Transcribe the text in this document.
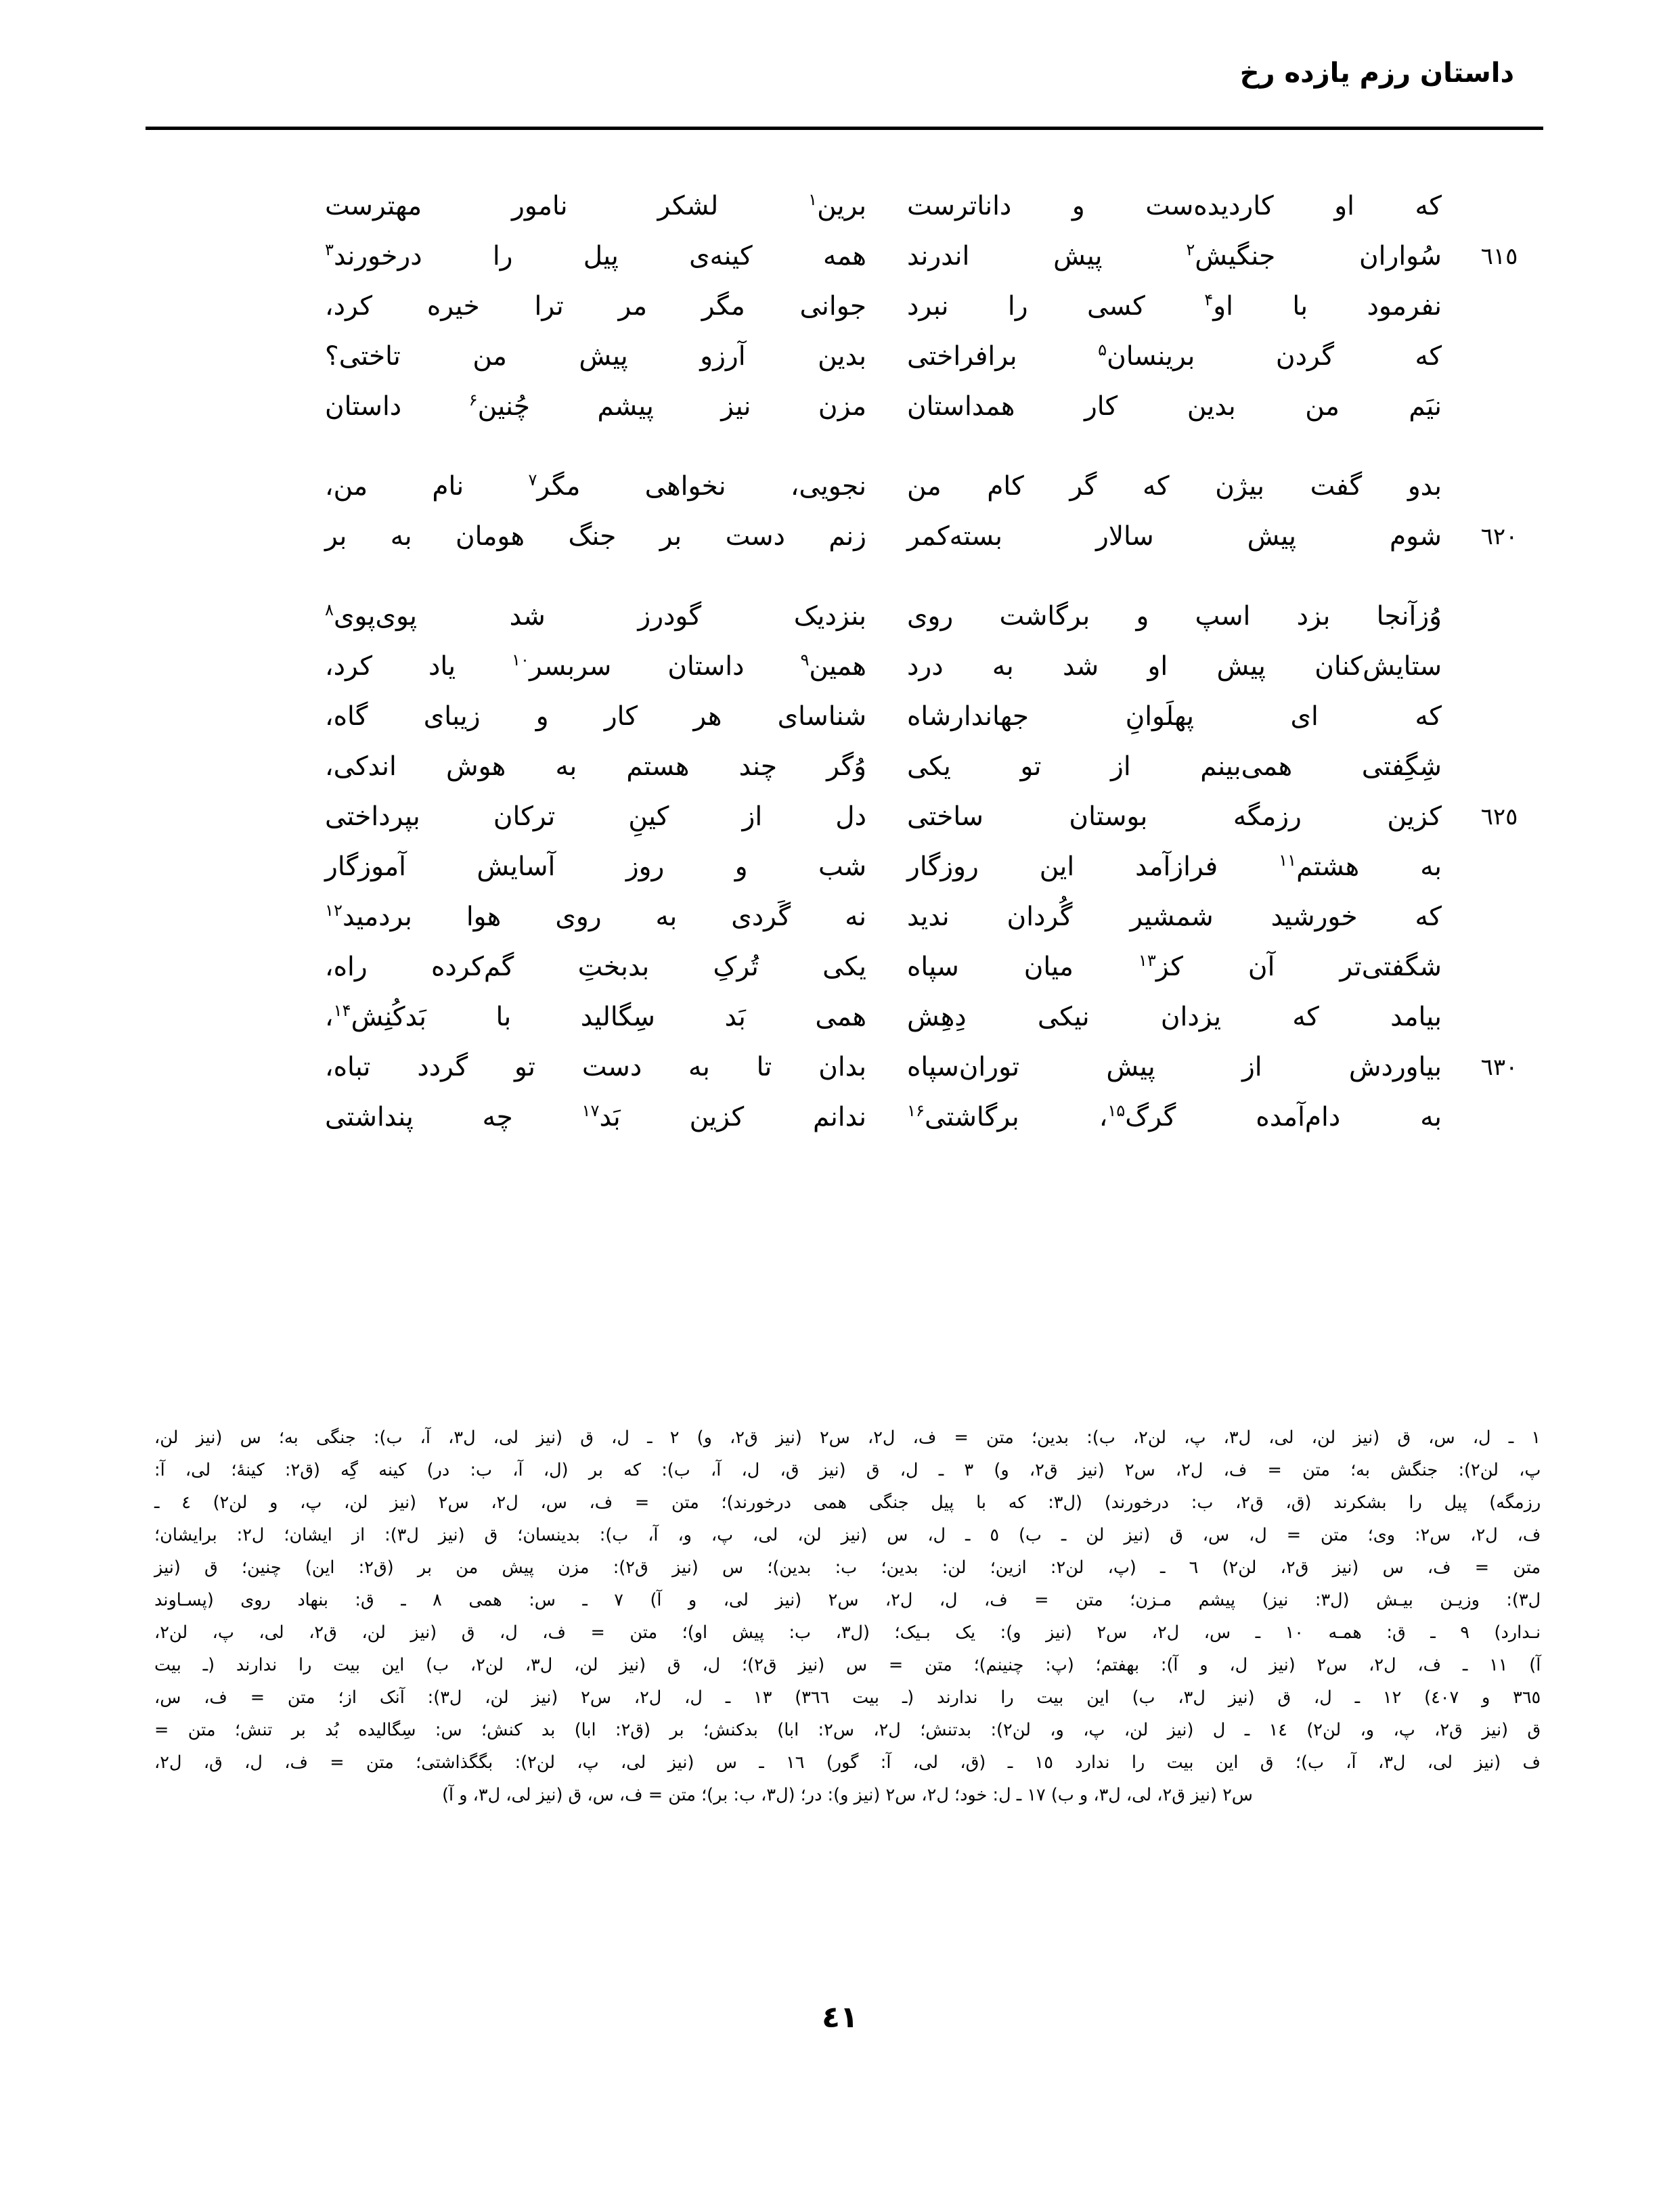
داستان رزم یازده رخ
که او کاردیده‌ست و داناترست
برین$^۱$ لشکر نامور مهترست
٦١٥
سُواران جنگیش$^۲$ پیش اندرند
همه کینه‌ی پیل را درخورند$^۳$
نفرمود با او$^۴$ کسی را نبرد
جوانی مگر مر ترا خیره کرد،
که گردن برینسان$^۵$ برافراختی
بدین آرزو پیش من تاختی؟
نیَم من بدین کار همداستان
مزن نیز پیشم چُنین$^۶$ داستان
بدو گفت بیژن که گر کام من
نجویی، نخواهی مگر$^۷$ نام من،
٦٢٠
شوم پیش سالار بسته‌کمر
زنم دست بر جنگ هومان به بر
وُزآنجا بزد اسپ و برگاشت روی
بنزدیک گودرز شد پوی‌پوی$^۸$
ستایش‌کنان پیش او شد به درد
همین$^۹$ داستان سربسر$^{۱۰}$ یاد کرد،
که ای پهلَوانِ جهاندارشاه
شناسای هر کار و زیبای گاه،
شِگِفتی همی‌بینم از تو یکی
وُگر چند هستم به هوش اندکی،
٦٢٥
کزین رزمگه بوستان ساختی
دل از کینِ ترکان بپرداختی
به هشتم$^{۱۱}$ فرازآمد این روزگار
شب و روز آسایش آموزگار
که خورشید شمشیر گُردان ندید
نه گَردی به روی هوا بردمید$^{۱۲}$
شگفتی‌تر آن کز$^{۱۳}$ میان سپاه
یکی تُرکِ بدبختِ گم‌کرده راه،
بیامد که یزدان نیکی دِهِش
همی بَد سِگالید با بَدکُنِش$^{۱۴}$،
٦٣٠
بیاوردش از پیش توران‌سپاه
بدان تا به دست تو گردد تباه،
به دام‌آمده گرگ$^{۱۵}$، برگاشتی$^{۱۶}$
ندانم کزین بَد$^{۱۷}$ چه پنداشتی
۱ ـ ل، س، ق (نیز لن، لی، ل۳، پ، لن۲، ب): بدین؛ متن = ف، ل۲، س۲ (نیز ق۲، و) ۲ ـ ل، ق (نیز لی، ل۳، آ، ب): جنگی به؛ س (نیز لن،
پ، لن۲): جنگش به؛ متن = ف، ل۲، س۲ (نیز ق۲، و) ۳ ـ ل، ق (نیز ق، ل، آ، ب): که بر (ل، آ، ب: در) کینه گِه (ق۲: کینهٔ؛ لی، آ:
رزمگه) پیل را بشکرند (ق، ق۲، ب: درخورند) (ل۳: که با پیل جنگی همی درخورند)؛ متن = ف، س، ل۲، س۲ (نیز لن، پ، و لن۲) ٤ ـ
ف، ل۲، س۲: وی؛ متن = ل، س، ق (نیز لن ـ ب) ٥ ـ ل، س (نیز لن، لی، پ، و، آ، ب): بدینسان؛ ق (نیز ل۳): از ایشان؛ ل۲: برایشان؛
متن = ف، س (نیز ق۲، لن۲) ٦ ـ (پ، لن۲: ازین؛ لن: بدین؛ ب: بدین)؛ س (نیز ق۲): مزن پیش من بر (ق۲: این) چنین؛ ق (نیز
ل۳): وزیـن بیـش (ل۳: نیز) پیشم مـزن؛ متن = ف، ل، ل۲، س۲ (نیز لی، و آ) ۷ ـ س: همی ۸ ـ ق: بنهاد روی (پسـاوند
نـدارد) ۹ ـ ق: همـه ۱۰ ـ س، ل۲، س۲ (نیز و): یک بـیک؛ (ل۳، ب: پیش او)؛ متن = ف، ل، ق (نیز لن، ق۲، لی، پ، لن۲،
آ) ۱۱ ـ ف، ل۲، س۲ (نیز ل، و آ): بهفتم؛ (پ: چنینم)؛ متن = س (نیز ق۲)؛ ل، ق (نیز لن، ل۳، لن۲، ب) این بیت را ندارند (ـ بیت
۳٦٥ و ٤۰۷) ۱۲ ـ ل، ق (نیز ل۳، ب) این بیت را ندارند (ـ بیت ۳٦٦) ۱۳ ـ ل، ل۲، س۲ (نیز لن، ل۳): آنک از؛ متن = ف، س،
ق (نیز ق۲، پ، و، لن۲) ۱٤ ـ ل (نیز لن، پ، و، لن۲): بدتنش؛ ل۲، س۲: ابا) بدکنش؛ بر (ق۲: ابا) بد کنش؛ س: سِگالیده بُد بر تنش؛ متن =
ف (نیز لی، ل۳، آ، ب)؛ ق این بیت را ندارد ۱٥ ـ (ق، لی، آ: گور) ۱٦ ـ س (نیز لی، پ، لن۲): بگگذاشتی؛ متن = ف، ل، ق، ل۲،
س۲ (نیز ق۲، لی، ل۳، و ب) ۱۷ ـ ل: خود؛ ل۲، س۲ (نیز و): در؛ (ل۳، ب: بر)؛ متن = ف، س، ق (نیز لی، ل۳، و آ)
٤١
